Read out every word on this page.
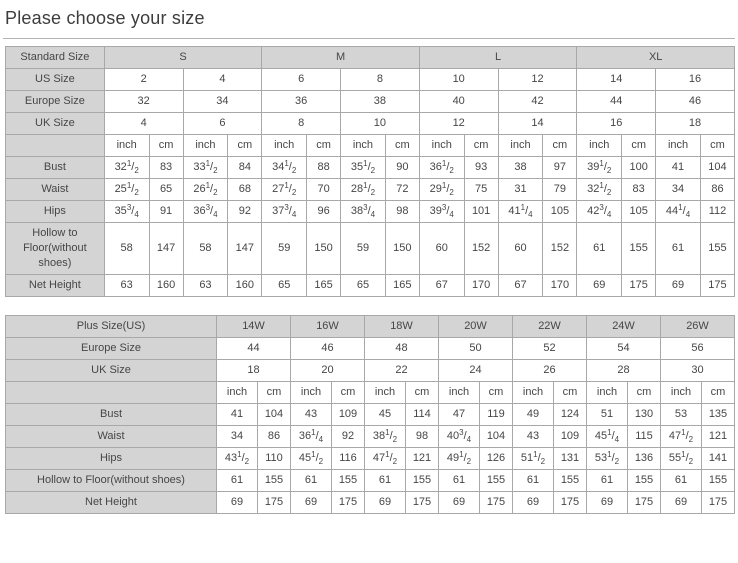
Please choose your size
Standard Size	S				M				L				XL			
US Size	2		4		6		8		10		12		14		16	
Europe Size	32		34		36		38		40		42		44		46	
UK Size	4		6		8		10		12		14		16		18	
	inch	cm	inch	cm	inch	cm	inch	cm	inch	cm	inch	cm	inch	cm	inch	cm
Bust	$32^1/_2$	83	$33^1/_2$	84	$34^1/_2$	88	$35^1/_2$	90	$36^1/_2$	93	38	97	$39^1/_2$	100	41	104
Waist	$25^1/_2$	65	$26^1/_2$	68	$27^1/_2$	70	$28^1/_2$	72	$29^1/_2$	75	31	79	$32^1/_2$	83	34	86
Hips	$35^3/_4$	91	$36^3/_4$	92	$37^3/_4$	96	$38^3/_4$	98	$39^3/_4$	101	$41^1/_4$	105	$42^3/_4$	105	$44^1/_4$	112
Hollow to Floor(without shoes)	58	147	58	147	59	150	59	150	60	152	60	152	61	155	61	155
Net Height	63	160	63	160	65	165	65	165	67	170	67	170	69	175	69	175
Plus Size(US)	14W		16W		18W		20W		22W		24W		26W	
Europe Size	44		46		48		50		52		54		56	
UK Size	18		20		22		24		26		28		30	
	inch	cm	inch	cm	inch	cm	inch	cm	inch	cm	inch	cm	inch	cm
Bust	41	104	43	109	45	114	47	119	49	124	51	130	53	135
Waist	34	86	$36^1/_4$	92	$38^1/_2$	98	$40^3/_4$	104	43	109	$45^1/_4$	115	$47^1/_2$	121
Hips	$43^1/_2$	110	$45^1/_2$	116	$47^1/_2$	121	$49^1/_2$	126	$51^1/_2$	131	$53^1/_2$	136	$55^1/_2$	141
Hollow to Floor(without shoes)	61	155	61	155	61	155	61	155	61	155	61	155	61	155
Net Height	69	175	69	175	69	175	69	175	69	175	69	175	69	175
